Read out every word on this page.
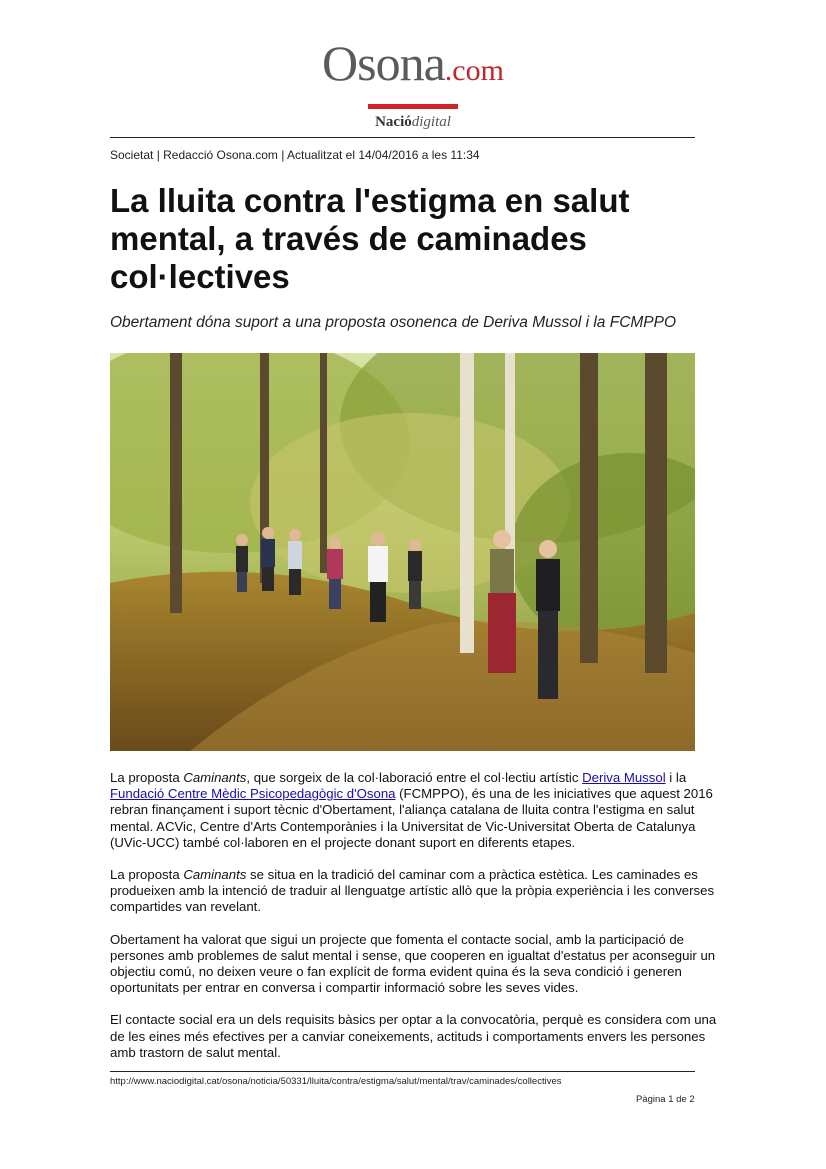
Osona.com
Naciódigital
Societat | Redacció Osona.com | Actualitzat el 14/04/2016 a les 11:34
La lluita contra l'estigma en salut mental, a través de caminades col·lectives
Obertament dóna suport a una proposta osonenca de Deriva Mussol i la FCMPPO

La proposta Caminants, que sorgeix de la col·laboració entre el col·lectiu artístic Deriva Mussol i la Fundació Centre Mèdic Psicopedagògic d'Osona (FCMPPO), és una de les iniciatives que aquest 2016 rebran finançament i suport tècnic d'Obertament, l'aliança catalana de lluita contra l'estigma en salut mental. ACVic, Centre d'Arts Contemporànies i la Universitat de Vic-Universitat Oberta de Catalunya (UVic-UCC) també col·laboren en el projecte donant suport en diferents etapes.

La proposta Caminants se situa en la tradició del caminar com a pràctica estètica. Les caminades es produeixen amb la intenció de traduir al llenguatge artístic allò que la pròpia experiència i les converses compartides van revelant.

Obertament ha valorat que sigui un projecte que fomenta el contacte social, amb la participació de persones amb problemes de salut mental i sense, que cooperen en igualtat d'estatus per aconseguir un objectiu comú, no deixen veure o fan explícit de forma evident quina és la seva condició i generen oportunitats per entrar en conversa i compartir informació sobre les seves vides.

El contacte social era un dels requisits bàsics per optar a la convocatòria, perquè es considera com una de les eines més efectives per a canviar coneixements, actituds i comportaments envers les persones amb trastorn de salut mental.

http://www.naciodigital.cat/osona/noticia/50331/lluita/contra/estigma/salut/mental/trav/caminades/collectives
Pàgina 1 de 2
